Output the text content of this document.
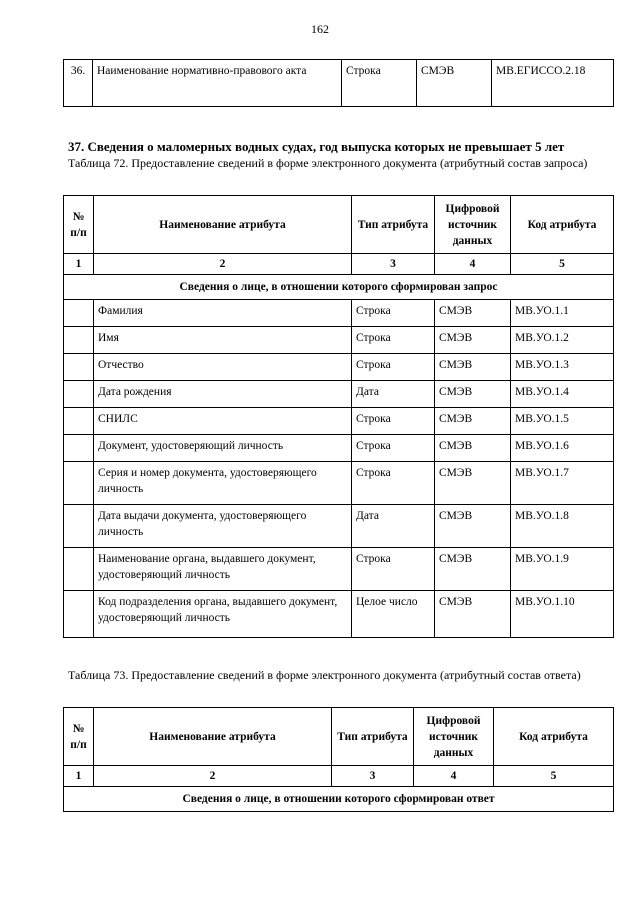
162
36.	Наименование нормативно-правового акта	Строка	СМЭВ	МВ.ЕГИССО.2.18
37. Сведения о маломерных водных судах, год выпуска которых не превышает 5 лет
Таблица 72. Предоставление сведений в форме электронного документа (атрибутный состав запроса)
№ п/п	Наименование атрибута	Тип атрибута	Цифровой источник данных	Код атрибута
1	2	3	4	5
Сведения о лице, в отношении которого сформирован запрос				
	Фамилия	Строка	СМЭВ	МВ.УО.1.1
	Имя	Строка	СМЭВ	МВ.УО.1.2
	Отчество	Строка	СМЭВ	МВ.УО.1.3
	Дата рождения	Дата	СМЭВ	МВ.УО.1.4
	СНИЛС	Строка	СМЭВ	МВ.УО.1.5
	Документ, удостоверяющий личность	Строка	СМЭВ	МВ.УО.1.6
	Серия и номер документа, удостоверяющего личность	Строка	СМЭВ	МВ.УО.1.7
	Дата выдачи документа, удостоверяющего личность	Дата	СМЭВ	МВ.УО.1.8
	Наименование органа, выдавшего документ, удостоверяющий личность	Строка	СМЭВ	МВ.УО.1.9
	Код подразделения органа, выдавшего документ, удостоверяющий личность	Целое число	СМЭВ	МВ.УО.1.10
Таблица 73. Предоставление сведений в форме электронного документа (атрибутный состав ответа)
№ п/п	Наименование атрибута	Тип атрибута	Цифровой источник данных	Код атрибута
1	2	3	4	5
Сведения о лице, в отношении которого сформирован ответ				
